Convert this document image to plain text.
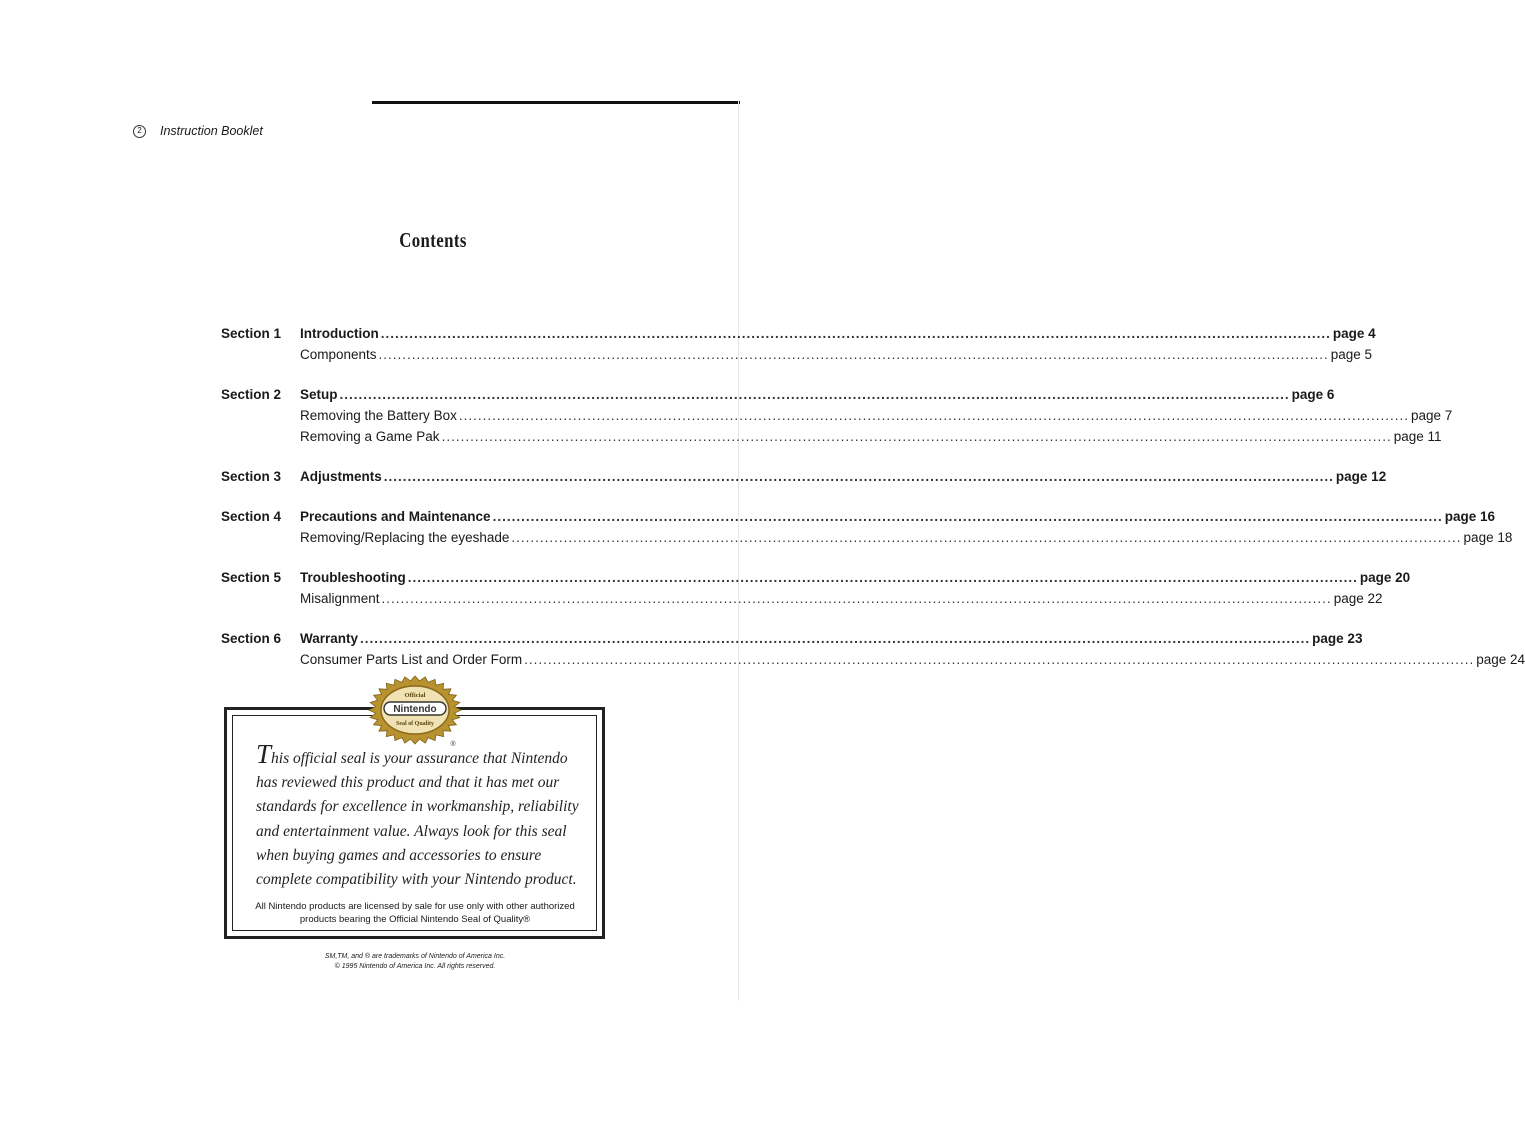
2	Instruction Booklet
Contents
Section 1	Introduction ........................................................................................................................................................................................................ page 4
Components ........................................................................................................................................................................................................ page 5
Section 2	Setup ........................................................................................................................................................................................................ page 6
Removing the Battery Box ........................................................................................................................................................................................................ page 7
Removing a Game Pak ........................................................................................................................................................................................................ page 11
Section 3	Adjustments ........................................................................................................................................................................................................ page 12
Section 4	Precautions and Maintenance ........................................................................................................................................................................................................ page 16
Removing/Replacing the eyeshade ........................................................................................................................................................................................................ page 18
Section 5	Troubleshooting ........................................................................................................................................................................................................ page 20
Misalignment ........................................................................................................................................................................................................ page 22
Section 6	Warranty ........................................................................................................................................................................................................ page 23
Consumer Parts List and Order Form ........................................................................................................................................................................................................ page 24
Official
Nintendo
Seal of Quality
®
This official seal is your assurance that Nintendo
has reviewed this product and that it has met our
standards for excellence in workmanship, reliability
and entertainment value. Always look for this seal
when buying games and accessories to ensure
complete compatibility with your Nintendo product.
All Nintendo products are licensed by sale for use only with other authorized
products bearing the Official Nintendo Seal of Quality®
SM,TM, and ® are trademarks of Nintendo of America Inc.
© 1995 Nintendo of America Inc. All rights reserved.
